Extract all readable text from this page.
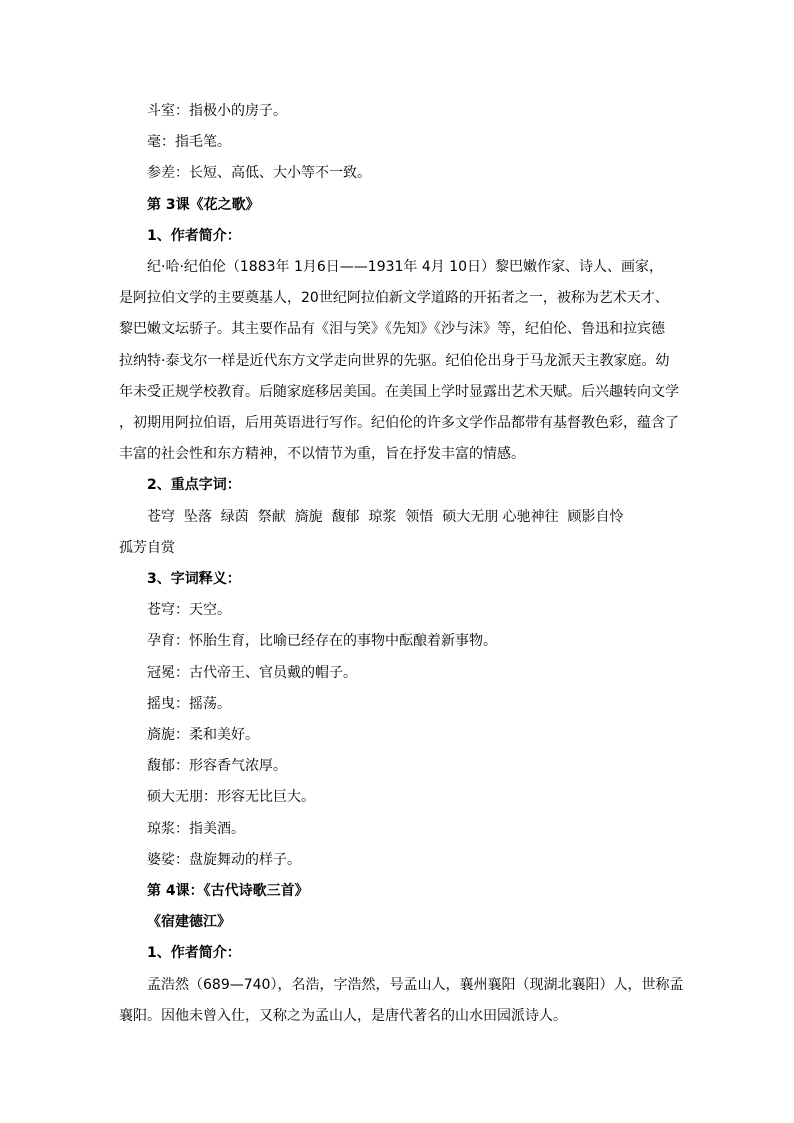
斗室：指极小的房子。

毫：指毛笔。

参差：长短、高低、大小等不一致。

第 3课《花之歌》

1、作者简介：

纪·哈·纪伯伦（1883年 1月6日——1931年 4月 10日）黎巴嫩作家、诗人、画家，

是阿拉伯文学的主要奠基人，20世纪阿拉伯新文学道路的开拓者之一，被称为艺术天才、

黎巴嫩文坛骄子。其主要作品有《泪与笑》《先知》《沙与沫》等，纪伯伦、鲁迅和拉宾德

拉纳特·泰戈尔一样是近代东方文学走向世界的先驱。纪伯伦出身于马龙派天主教家庭。幼

年未受正规学校教育。后随家庭移居美国。在美国上学时显露出艺术天赋。后兴趣转向文学

，初期用阿拉伯语，后用英语进行写作。纪伯伦的许多文学作品都带有基督教色彩，蕴含了

丰富的社会性和东方精神，不以情节为重，旨在抒发丰富的情感。

2、重点字词：

苍穹  坠落  绿茵  祭献  旖旎  馥郁  琼浆  领悟  硕大无朋 心驰神往  顾影自怜

孤芳自赏

3、字词释义：

苍穹：天空。

孕育：怀胎生育，比喻已经存在的事物中酝酿着新事物。

冠冕：古代帝王、官员戴的帽子。

摇曳：摇荡。

旖旎：柔和美好。

馥郁：形容香气浓厚。

硕大无朋：形容无比巨大。

琼浆：指美酒。

婆娑：盘旋舞动的样子。

第 4课：《古代诗歌三首》

《宿建德江》

1、作者简介：

孟浩然（689—740），名浩，字浩然，号孟山人，襄州襄阳（现湖北襄阳）人，世称孟

襄阳。因他未曾入仕，又称之为孟山人，是唐代著名的山水田园派诗人。
